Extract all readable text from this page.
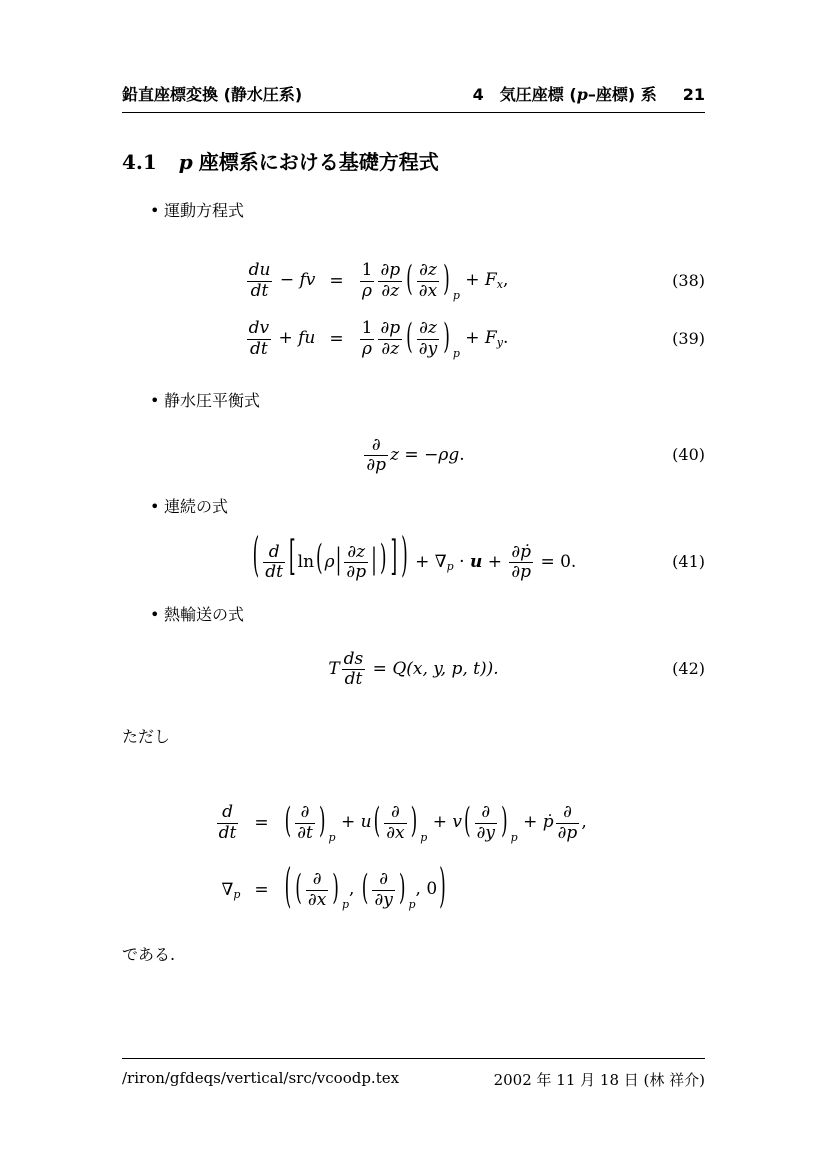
鉛直座標変換 (静水圧系)	4　気圧座標 (p–座標) 系 21
4.1 p 座標系における基礎方程式
• 運動方程式
$\frac{du}{dt}$ − fv = $\frac{1}{\rho} \frac{\partial p}{\partial z}$ ( $\frac{\partial z}{\partial x}$ ) $_p + F_x$,	(38)
$\frac{dv}{dt}$ + fu = $\frac{1}{\rho} \frac{\partial p}{\partial z}$ ( $\frac{\partial z}{\partial y}$ ) $_p + F_y$.	(39)
• 静水圧平衡式
$\frac{\partial}{\partial p}$ z = −ρg.	(40)
• 連続の式
( $\frac{d}{dt}$ [ ln ( $\rho| \frac{\partial z}{\partial p}$ | ) ] ) + $\nabla_p \cdot u + \frac{\text{∂ṗ}}{\partial p} = 0$.	(41)
• 熱輸送の式
T $\frac{ds}{dt} = Q(x$, y, p, t)).	(42)
ただし
$\frac{d}{dt}$ = ( $\frac{\partial}{\partial t}$ ) $_p$ + u ( $\frac{\partial}{\partial x}$ ) $_p$ + v ( $\frac{\partial}{\partial y}$ ) $_p$ + ṗ $\frac{\partial}{\partial p}$ ,
$\nabla_p$ = ( ( $\frac{\partial}{\partial x}$ ) $_p$, ( $\frac{\partial}{\partial y}$ ) $_p$, 0 )
である.
/riron/gfdeqs/vertical/src/vcoodp.tex	2002 年 11 月 18 日 (林 祥介)
